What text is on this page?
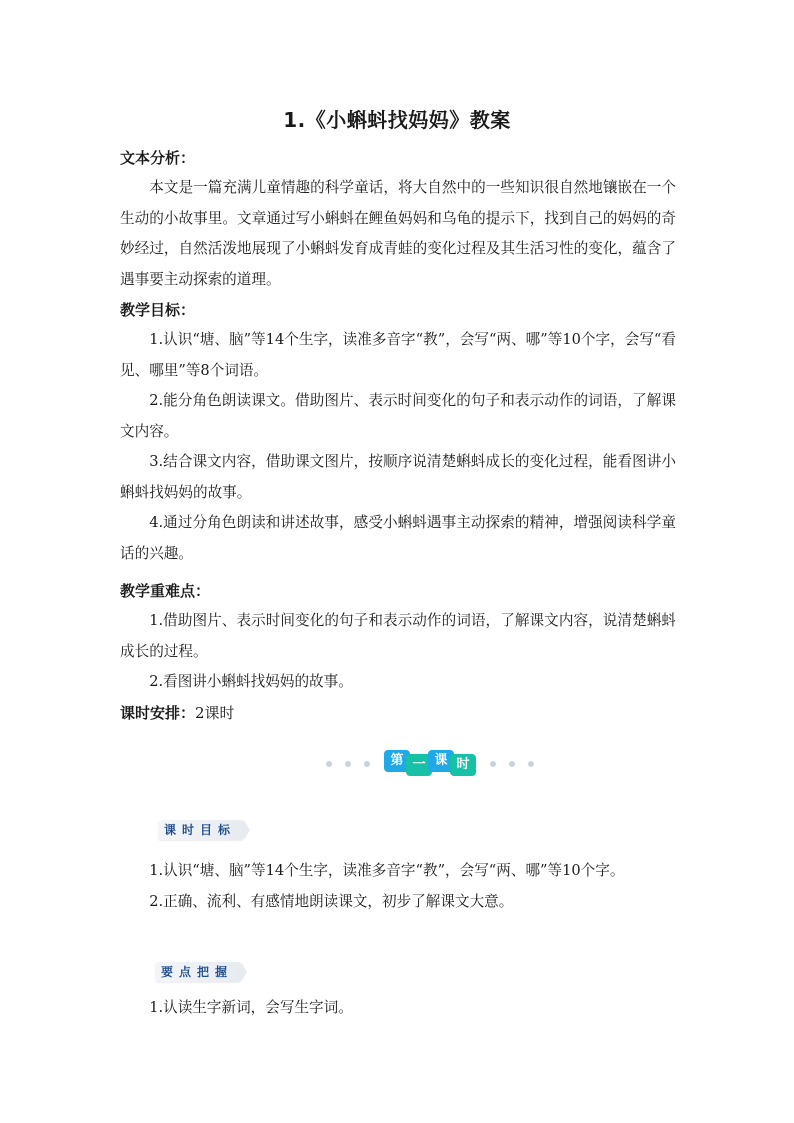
1.《小蝌蚪找妈妈》教案

文本分析：

本文是一篇充满儿童情趣的科学童话，将大自然中的一些知识很自然地镶嵌在一个生动的小故事里。文章通过写小蝌蚪在鲤鱼妈妈和乌龟的提示下，找到自己的妈妈的奇妙经过，自然活泼地展现了小蝌蚪发育成青蛙的变化过程及其生活习性的变化，蕴含了遇事要主动探索的道理。

教学目标：

1.认识“塘、脑”等14个生字，读准多音字“教”，会写“两、哪”等10个字，会写“看见、哪里”等8个词语。

2.能分角色朗读课文。借助图片、表示时间变化的句子和表示动作的词语，了解课文内容。

3.结合课文内容，借助课文图片，按顺序说清楚蝌蚪成长的变化过程，能看图讲小蝌蚪找妈妈的故事。

4.通过分角色朗读和讲述故事，感受小蝌蚪遇事主动探索的精神，增强阅读科学童话的兴趣。

教学重难点：

1.借助图片、表示时间变化的句子和表示动作的词语，了解课文内容，说清楚蝌蚪成长的过程。

2.看图讲小蝌蚪找妈妈的故事。

课时安排：2课时

第 一 课 时
课时目标

1.认识“塘、脑”等14个生字，读准多音字“教”，会写“两、哪”等10个字。

2.正确、流利、有感情地朗读课文，初步了解课文大意。

要点把握

1.认读生字新词，会写生字词。
